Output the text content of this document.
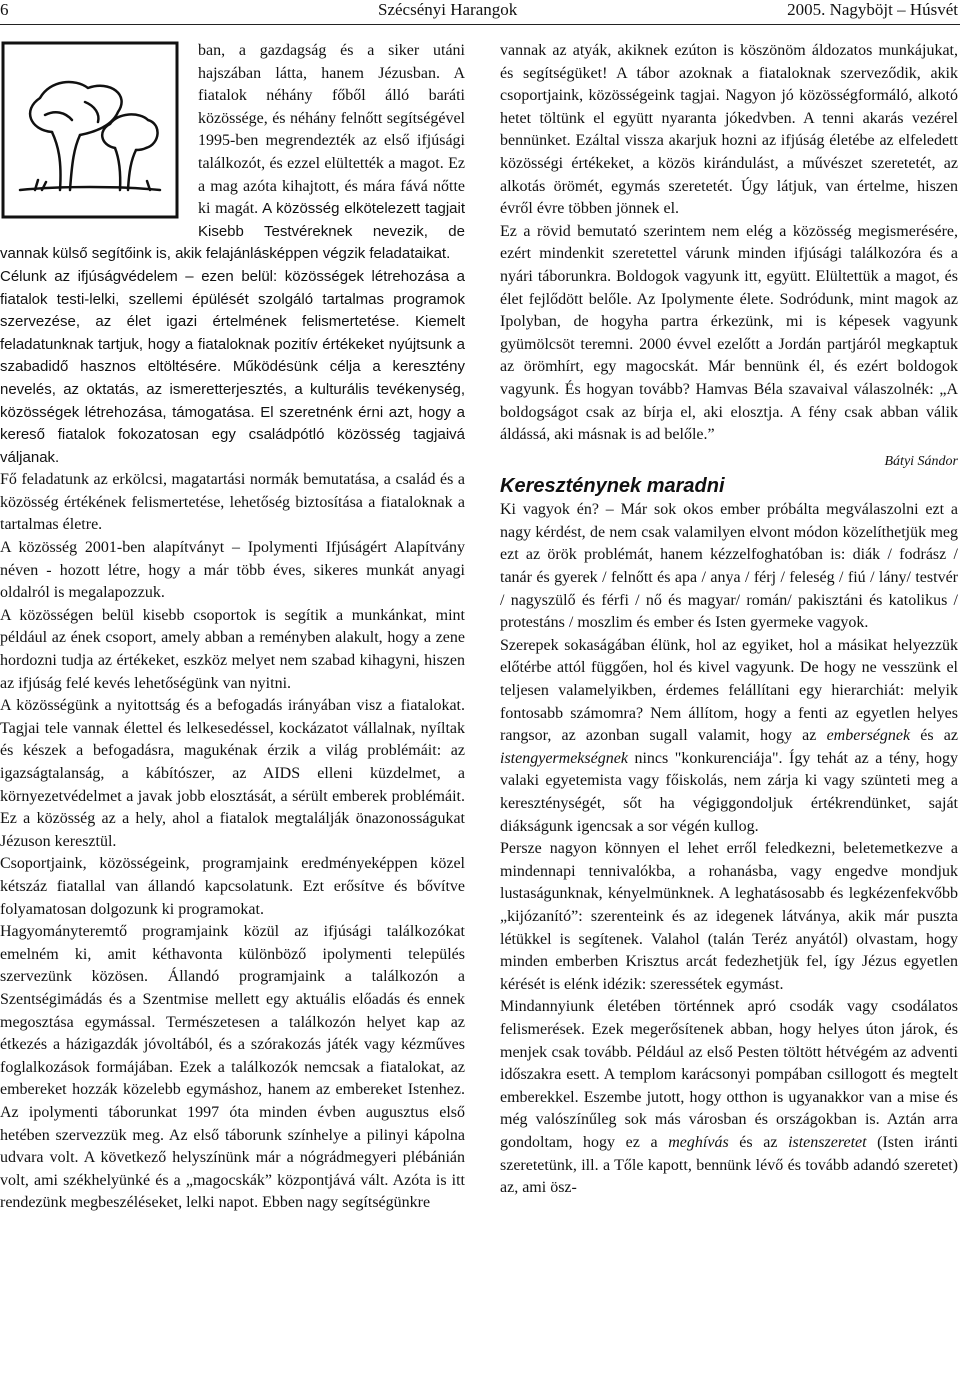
6	Szécsényi Harangok	2005. Nagyböjt – Húsvét

ban, a gazdagság és a siker utáni hajszában látta, hanem Jézusban. A fiatalok néhány főből álló baráti közössége, és néhány felnőtt segítségével 1995-ben megrendezték az első ifjúsági találkozót, és ezzel elültették a magot. Ez a mag azóta kihajtott, és mára fává nőtte ki magát. A közösség elkötelezett tagjait Kisebb Testvéreknek nevezik, de vannak külső segítőink is, akik felajánlásképpen végzik feladataikat.

Célunk az ifjúságvédelem – ezen belül: közösségek létrehozása a fiatalok testi-lelki, szellemi épülését szolgáló tartalmas programok szervezése, az élet igazi értelmének felismertetése. Kiemelt feladatunknak tartjuk, hogy a fiataloknak pozitív értékeket nyújtsunk a szabadidő hasznos eltöltésére. Működésünk célja a keresztény nevelés, az oktatás, az ismeretterjesztés, a kulturális tevékenység, közösségek létrehozása, támogatása. El szeretnénk érni azt, hogy a kereső fiatalok fokozatosan egy családpótló közösség tagjaivá váljanak.

Fő feladatunk az erkölcsi, magatartási normák bemutatása, a család és a közösség értékének felismertetése, lehetőség biztosítása a fiataloknak a tartalmas életre.

A közösség 2001-ben alapítványt – Ipolymenti Ifjúságért Alapítvány néven - hozott létre, hogy a már több éves, sikeres munkát anyagi oldalról is megalapozzuk.

A közösségen belül kisebb csoportok is segítik a munkánkat, mint például az ének csoport, amely abban a reményben alakult, hogy a zene hordozni tudja az értékeket, eszköz melyet nem szabad kihagyni, hiszen az ifjúság felé kevés lehetőségünk van nyitni.

A közösségünk a nyitottság és a befogadás irányában visz a fiatalokat. Tagjai tele vannak élettel és lelkesedéssel, kockázatot vállalnak, nyíltak és készek a befogadásra, magukénak érzik a világ problémáit: az igazságtalanság, a kábítószer, az AIDS elleni küzdelmet, a környezetvédelmet a javak jobb elosztását, a sérült emberek problémáit. Ez a közösség az a hely, ahol a fiatalok megtalálják önazonosságukat Jézuson keresztül.

Csoportjaink, közösségeink, programjaink eredményeképpen közel kétszáz fiatallal van állandó kapcsolatunk. Ezt erősítve és bővítve folyamatosan dolgozunk ki programokat.

Hagyományteremtő programjaink közül az ifjúsági találkozókat emelném ki, amit kéthavonta különböző ipolymenti település szervezünk közösen. Állandó programjaink a találkozón a Szentségimádás és a Szentmise mellett egy aktuális előadás és ennek megosztása egymással. Természetesen a találkozón helyet kap az étkezés a házigazdák jóvoltából, és a szórakozás játék vagy kézműves foglalkozások formájában. Ezek a találkozók nemcsak a fiatalokat, az embereket hozzák közelebb egymáshoz, hanem az embereket Istenhez. Az ipolymenti táborunkat 1997 óta minden évben augusztus első hetében szervezzük meg. Az első táborunk színhelye a pilinyi kápolna udvara volt. A következő helyszínünk már a nógrádmegyeri plébánián volt, ami székhelyünké és a „magocskák” központjává vált. Azóta is itt rendezünk megbeszéléseket, lelki napot. Ebben nagy segítségünkre

vannak az atyák, akiknek ezúton is köszönöm áldozatos munkájukat, és segítségüket! A tábor azoknak a fiataloknak szerveződik, akik csoportjaink, közösségeink tagjai. Nagyon jó közösségformáló, alkotó hetet töltünk el együtt nyaranta jókedvben. A tenni akarás vezérel bennünket. Ezáltal vissza akarjuk hozni az ifjúság életébe az elfeledett közösségi értékeket, a közös kirándulást, a művészet szeretetét, az alkotás örömét, egymás szeretetét. Úgy látjuk, van értelme, hiszen évről évre többen jönnek el.

Ez a rövid bemutató szerintem nem elég a közösség megismerésére, ezért mindenkit szeretettel várunk minden ifjúsági találkozóra és a nyári táborunkra. Boldogok vagyunk itt, együtt. Elültettük a magot, és élet fejlődött belőle. Az Ipolymente élete. Sodródunk, mint magok az Ipolyban, de hogyha partra érkezünk, mi is képesek vagyunk gyümölcsöt teremni. 2000 évvel ezelőtt a Jordán partjáról megkaptuk az örömhírt, egy magocskát. Már bennünk él, és ezért boldogok vagyunk. És hogyan tovább? Hamvas Béla szavaival válaszolnék: „A boldogságot csak az bírja el, aki elosztja. A fény csak abban válik áldássá, aki másnak is ad belőle.”

Bátyi Sándor

Kereszténynek maradni

Ki vagyok én? – Már sok okos ember próbálta megválaszolni ezt a nagy kérdést, de nem csak valamilyen elvont módon közelíthetjük meg ezt az örök problémát, hanem kézzelfoghatóban is: diák / fodrász / tanár és gyerek / felnőtt és apa / anya / férj / feleség / fiú / lány/ testvér / nagyszülő és férfi / nő és magyar/ román/ pakisztáni és katolikus / protestáns / moszlim és ember és Isten gyermeke vagyok.

Szerepek sokaságában élünk, hol az egyiket, hol a másikat helyezzük előtérbe attól függően, hol és kivel vagyunk. De hogy ne vesszünk el teljesen valamelyikben, érdemes felállítani egy hierarchiát: melyik fontosabb számomra? Nem állítom, hogy a fenti az egyetlen helyes rangsor, az azonban sugall valamit, hogy az emberségnek és az istengyermekségnek nincs "konkurenciája". Így tehát az a tény, hogy valaki egyetemista vagy főiskolás, nem zárja ki vagy szünteti meg a kereszténységét, sőt ha végiggondoljuk értékrendünket, saját diákságunk igencsak a sor végén kullog.

Persze nagyon könnyen el lehet erről feledkezni, beletemetkezve a mindennapi tennivalókba, a rohanásba, vagy engedve mondjuk lustaságunknak, kényelmünknek. A leghatásosabb és legkézenfekvőbb „kijózanító”: szerenteink és az idegenek látványa, akik már puszta létükkel is segítenek. Valahol (talán Teréz anyától) olvastam, hogy minden emberben Krisztus arcát fedezhetjük fel, így Jézus egyetlen kérését is elénk idézik: szeressétek egymást.

Mindannyiunk életében történnek apró csodák vagy csodálatos felismerések. Ezek megerősítenek abban, hogy helyes úton járok, és menjek csak tovább. Például az első Pesten töltött hétvégém az adventi időszakra esett. A templom karácsonyi pompában csillogott és megtelt emberekkel. Eszembe jutott, hogy otthon is ugyanakkor van a mise és még valószínűleg sok más városban és országokban is. Aztán arra gondoltam, hogy ez a meghívás és az istenszeretet (Isten iránti szeretetünk, ill. a Tőle kapott, bennünk lévő és tovább adandó szeretet) az, ami ösz-
